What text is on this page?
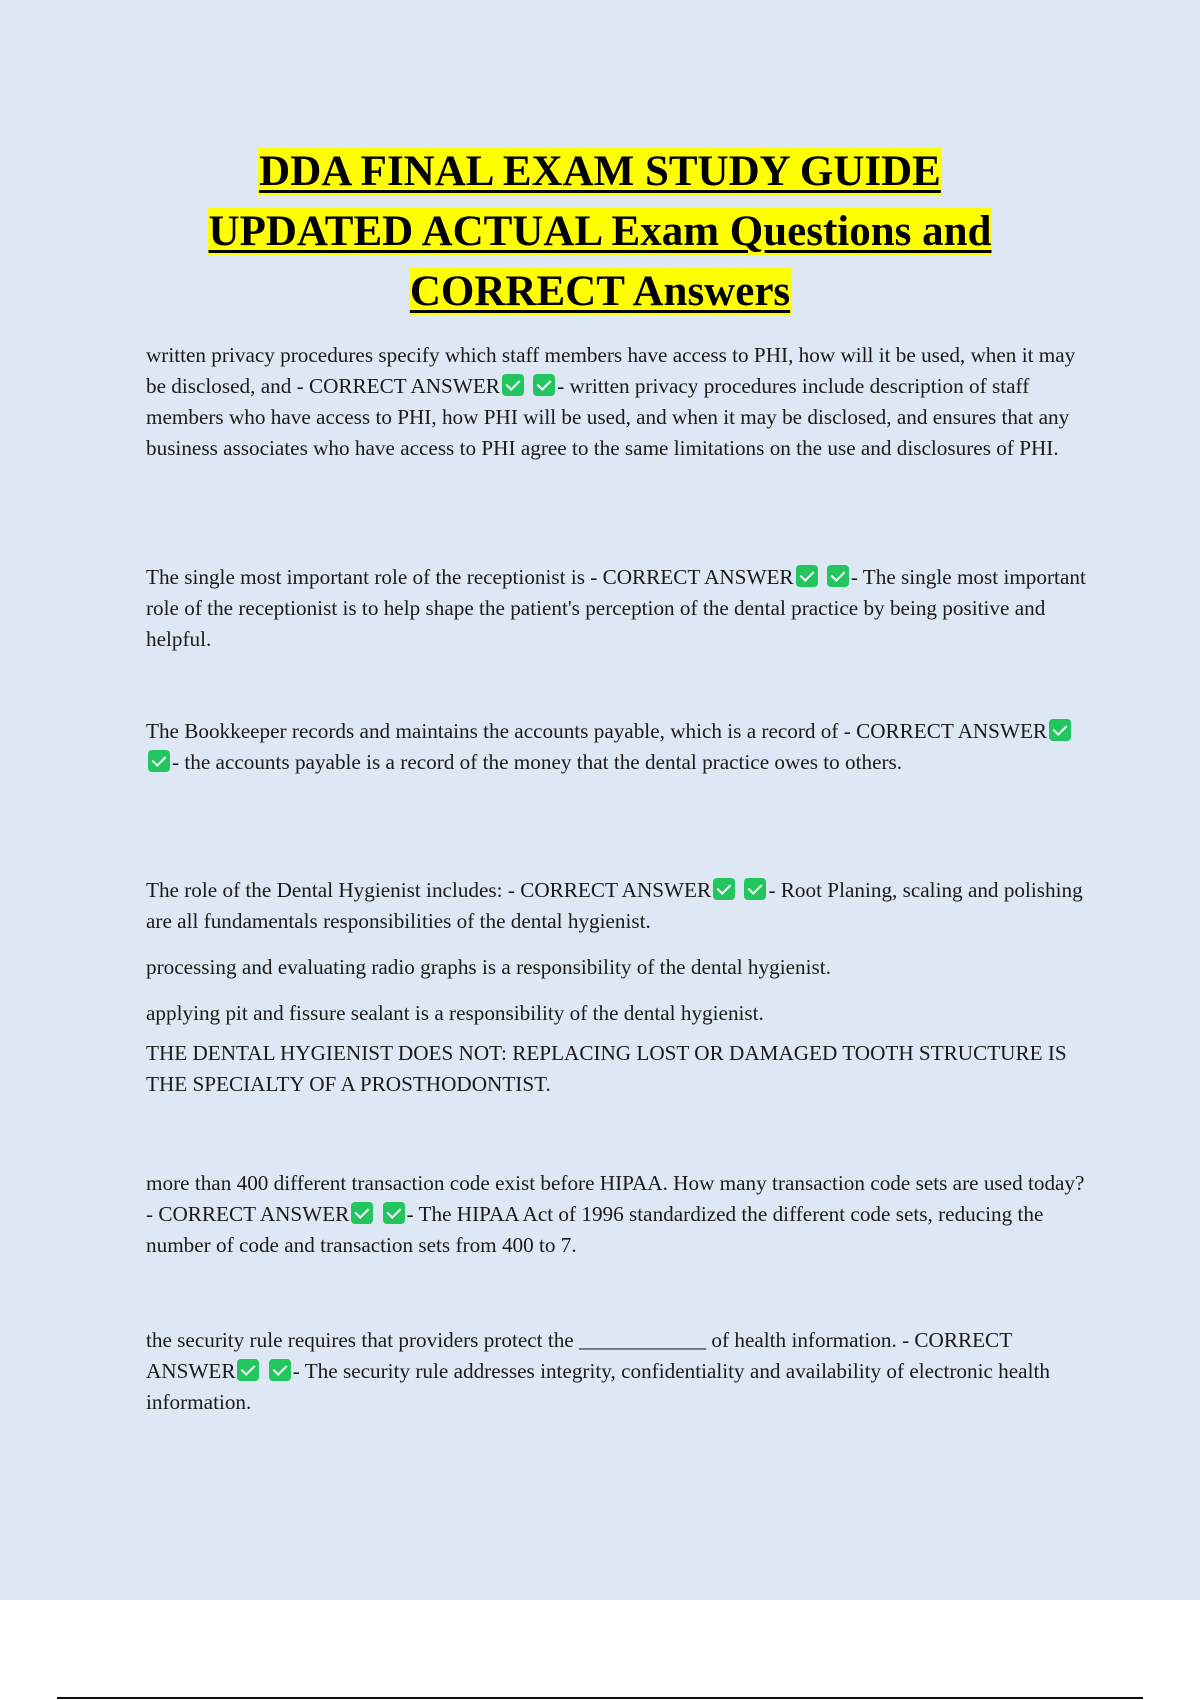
DDA FINAL EXAM STUDY GUIDE
UPDATED ACTUAL Exam Questions and
CORRECT Answers

written privacy procedures specify which staff members have access to PHI, how will it be used, when it may be disclosed, and - CORRECT ANSWER	- written privacy procedures include description of staff members who have access to PHI, how PHI will be used, and when it may be disclosed, and ensures that any business associates who have access to PHI agree to the same limitations on the use and disclosures of PHI.

The single most important role of the receptionist is - CORRECT ANSWER	- The single most important role of the receptionist is to help shape the patient's perception of the dental practice by being positive and helpful.

The Bookkeeper records and maintains the accounts payable, which is a record of - CORRECT ANSWER - the accounts payable is a record of the money that the dental practice owes to others.

The role of the Dental Hygienist includes: - CORRECT ANSWER	- Root Planing, scaling and polishing are all fundamentals responsibilities of the dental hygienist.

processing and evaluating radio graphs is a responsibility of the dental hygienist.

applying pit and fissure sealant is a responsibility of the dental hygienist.

THE DENTAL HYGIENIST DOES NOT: REPLACING LOST OR DAMAGED TOOTH STRUCTURE IS THE SPECIALTY OF A PROSTHODONTIST.

more than 400 different transaction code exist before HIPAA. How many transaction code sets are used today? - CORRECT ANSWER	- The HIPAA Act of 1996 standardized the different code sets, reducing the number of code and transaction sets from 400 to 7.

the security rule requires that providers protect the ____________ of health information. - CORRECT ANSWER	- The security rule addresses integrity, confidentiality and availability of electronic health information.
